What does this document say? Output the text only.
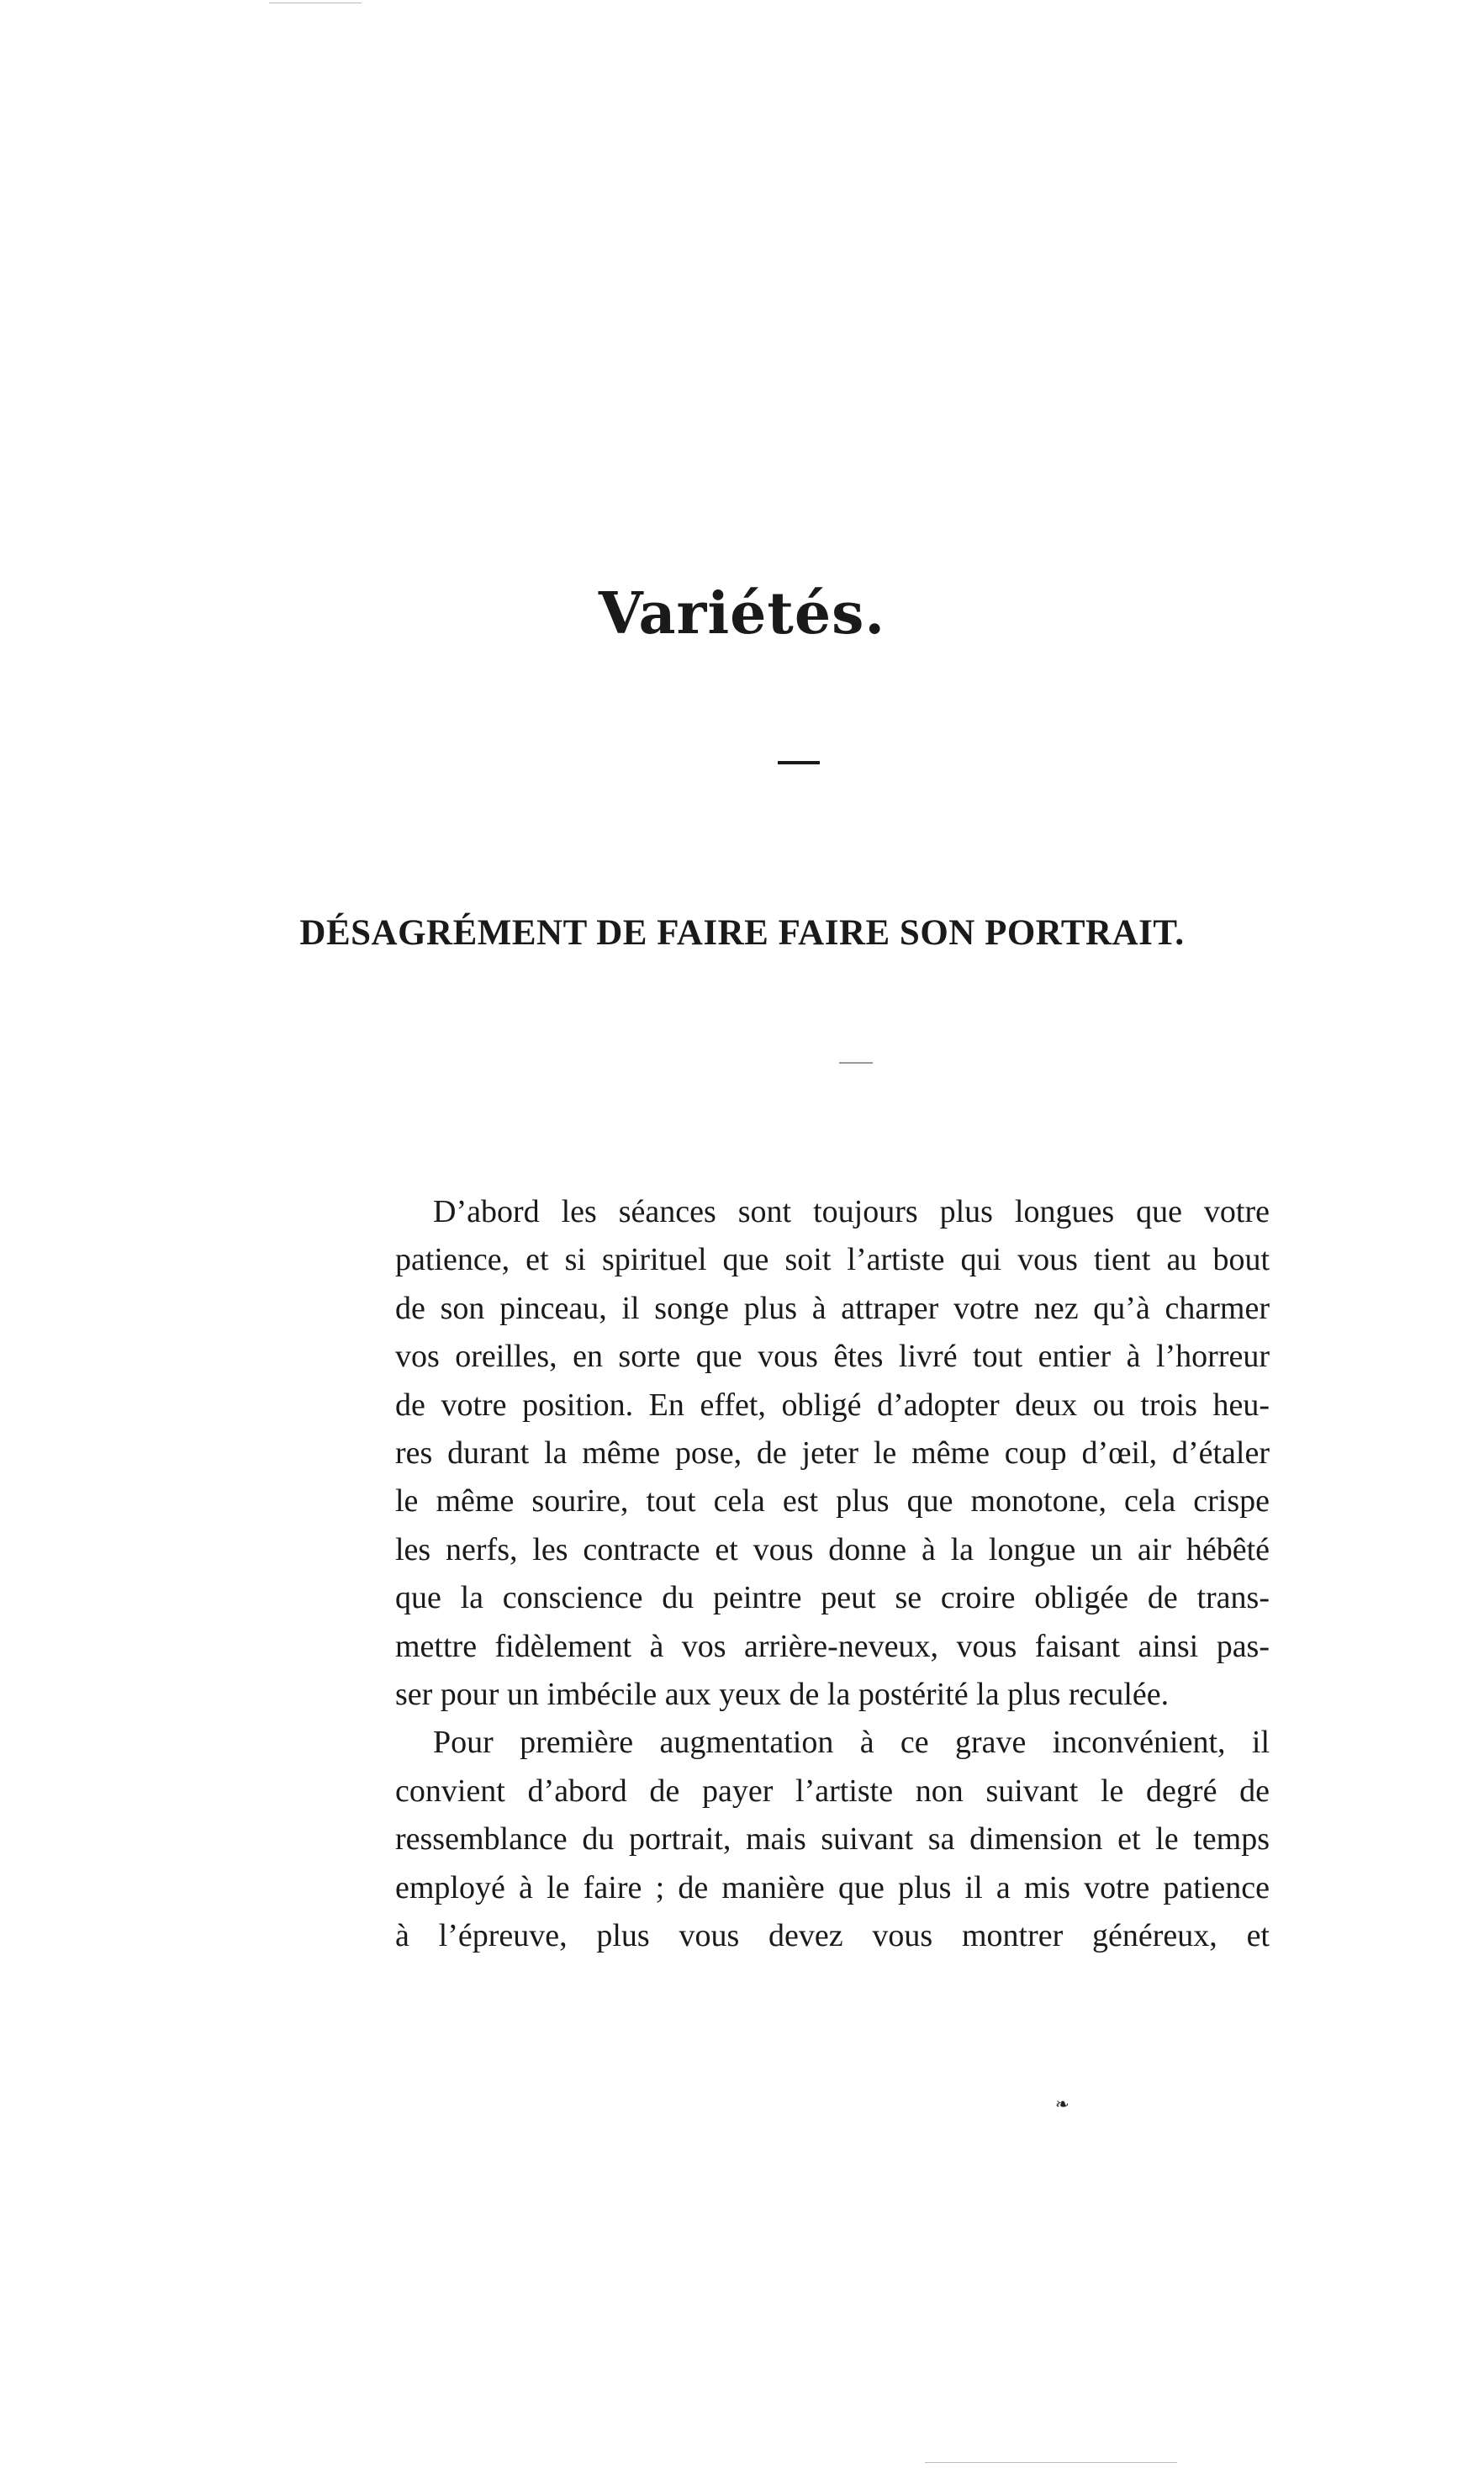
Variétés.
DÉSAGRÉMENT DE FAIRE FAIRE SON PORTRAIT.

D’abord les séances sont toujours plus longues que votre
patience, et si spirituel que soit l’artiste qui vous tient au bout
de son pinceau, il songe plus à attraper votre nez qu’à charmer
vos oreilles, en sorte que vous êtes livré tout entier à l’horreur
de votre position. En effet, obligé d’adopter deux ou trois heu-
res durant la même pose, de jeter le même coup d’œil, d’étaler
le même sourire, tout cela est plus que monotone, cela crispe
les nerfs, les contracte et vous donne à la longue un air hébêté
que la conscience du peintre peut se croire obligée de trans-
mettre fidèlement à vos arrière-neveux, vous faisant ainsi pas-
ser pour un imbécile aux yeux de la postérité la plus reculée.

Pour première augmentation à ce grave inconvénient, il
convient d’abord de payer l’artiste non suivant le degré de
ressemblance du portrait, mais suivant sa dimension et le temps
employé à le faire ; de manière que plus il a mis votre patience
à l’épreuve, plus vous devez vous montrer généreux, et

❧
